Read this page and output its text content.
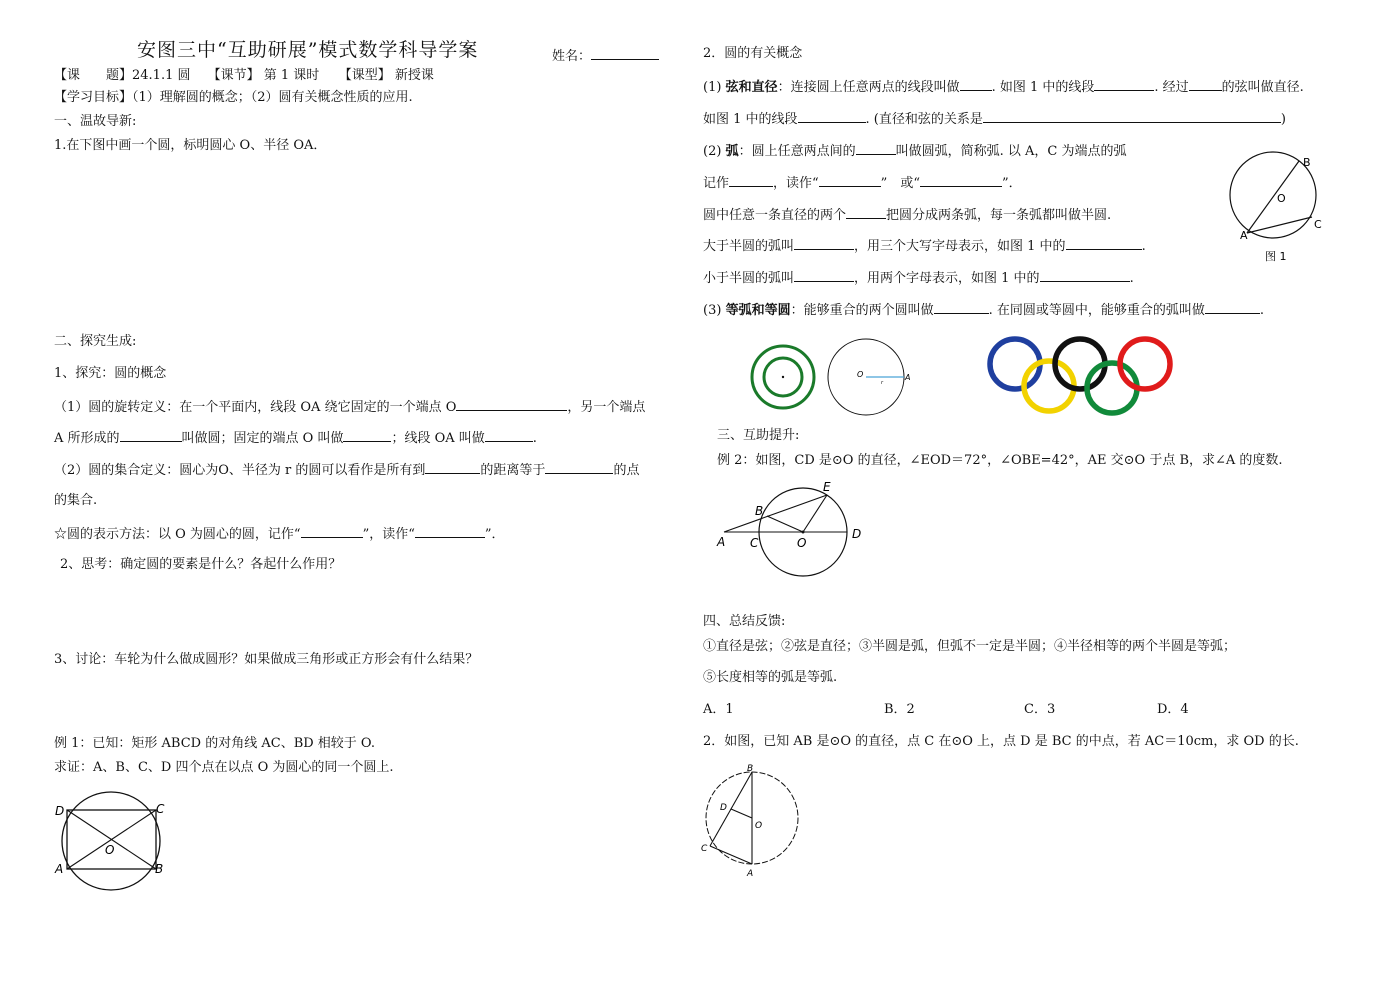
安图三中“互助研展”模式数学科导学案	姓名：
【课　　题】24.1.1 圆　 【课节】 第 1 课时　　【课型】 新授课
【学习目标】（1）理解圆的概念；（2）圆有关概念性质的应用.
一、温故导新:
1.在下图中画一个圆，标明圆心 O、半径 OA．
二、探究生成:
1、探究：圆的概念
（1）圆的旋转定义：在一个平面内，线段 OA 绕它固定的一个端点 O	，另一个端点
A 所形成的	叫做圆；固定的端点 O 叫做	；线段 OA 叫做	.
（2）圆的集合定义：圆心为O、半径为 r 的圆可以看作是所有到	的距离等于	的点
的集合.
☆圆的表示方法：以 O 为圆心的圆，记作“	”，读作“	”．
2、思考：确定圆的要素是什么？各起什么作用？
3、讨论：车轮为什么做成圆形？如果做成三角形或正方形会有什么结果？
例 1：已知：矩形 ABCD 的对角线 AC、BD 相较于 O.
求证：A、B、C、D 四个点在以点 O 为圆心的同一个圆上.
D	C
O
A	B
2．圆的有关概念
(1) 弦和直径：连接圆上任意两点的线段叫做 . 如图 1 中的线段	. 经过	的弦叫做直径.
如图 1 中的线段	. (直径和弦的关系是	)
(2) 弧：圆上任意两点间的	叫做圆弧，简称弧. 以 A，C 为端点的弧
记作	，读作“	”　或“	”．
圆中任意一条直径的两个	把圆分成两条弧，每一条弧都叫做半圆.
大于半圆的弧叫	，用三个大写字母表示，如图 1 中的	.
小于半圆的弧叫	，用两个字母表示，如图 1 中的	.
(3) 等弧和等圆：能够重合的两个圆叫做	. 在同圆或等圆中，能够重合的弧叫做	.
B
O
C
A
图 1
O	A
r
三、互助提升:
例 2：如图，CD 是⊙O 的直径，∠EOD＝72°，∠OBE=42°，AE 交⊙O 于点 B，求∠A 的度数.
E
B
A C	O
D
四、总结反馈:
①直径是弦；②弦是直径；③半圆是弧，但弧不一定是半圆；④半径相等的两个半圆是等弧；
⑤长度相等的弧是等弧.
A．1	B．2	C．3	D．4
2．如图，已知 AB 是⊙O 的直径，点 C 在⊙O 上，点 D 是 BC 的中点，若 AC＝10cm，求 OD 的长.
B
D
O
C
A
